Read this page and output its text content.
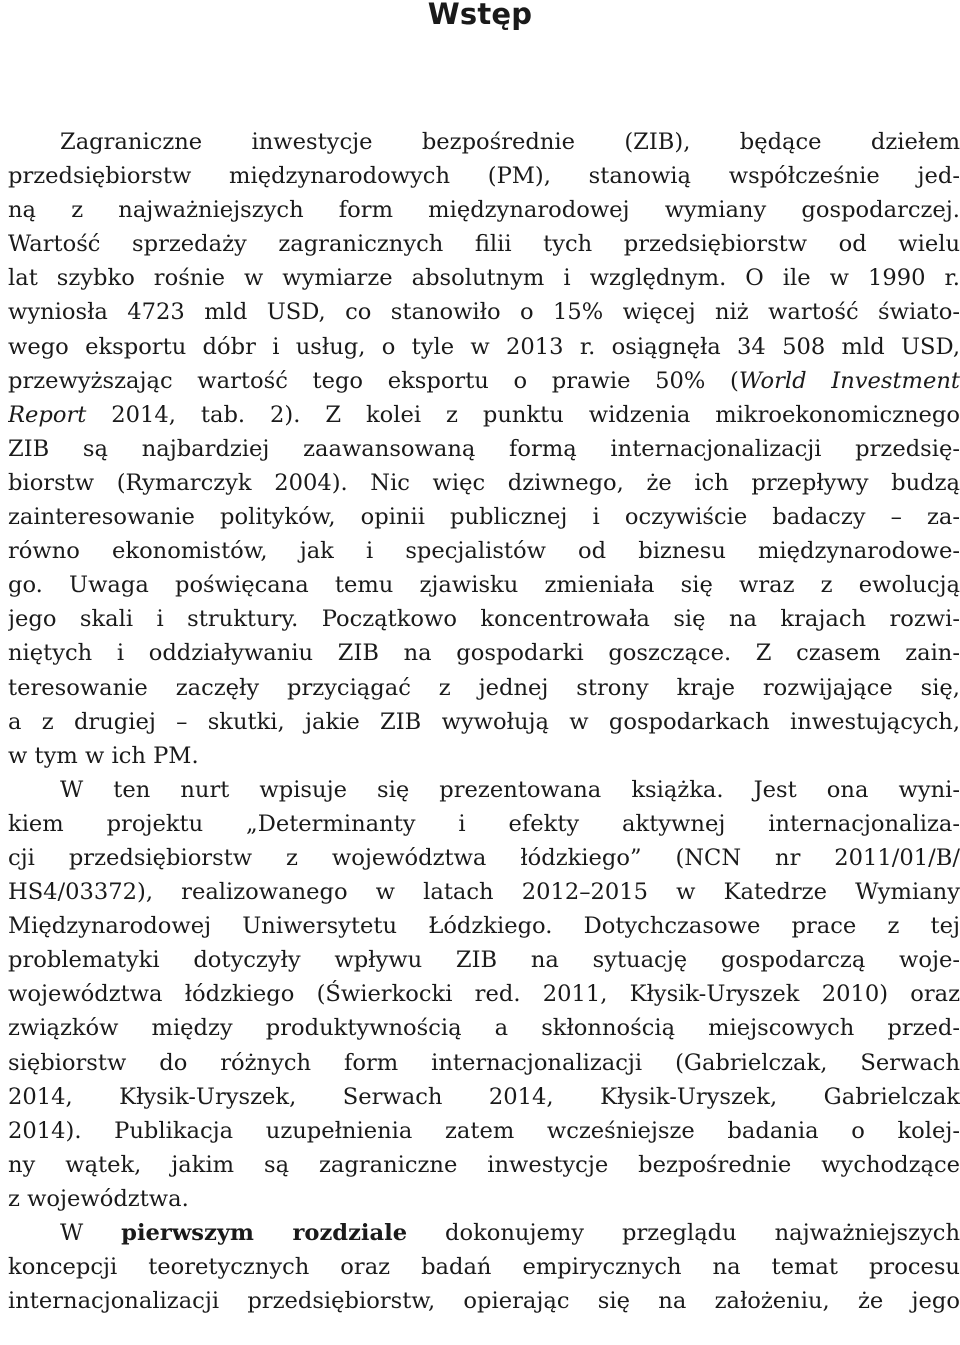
Wstęp
Zagraniczne inwestycje bezpośrednie (ZIB), będące dziełem
przedsiębiorstw międzynarodowych (PM), stanowią współcześnie jed-
ną z najważniejszych form międzynarodowej wymiany gospodarczej.
Wartość sprzedaży zagranicznych filii tych przedsiębiorstw od wielu
lat szybko rośnie w wymiarze absolutnym i względnym. O ile w 1990 r.
wyniosła 4723 mld USD, co stanowiło o 15% więcej niż wartość świato-
wego eksportu dóbr i usług, o tyle w 2013 r. osiągnęła 34 508 mld USD,
przewyższając wartość tego eksportu o prawie 50% (World Investment
Report 2014, tab. 2). Z kolei z punktu widzenia mikroekonomicznego
ZIB są najbardziej zaawansowaną formą internacjonalizacji przedsię-
biorstw (Rymarczyk 2004). Nic więc dziwnego, że ich przepływy budzą
zainteresowanie polityków, opinii publicznej i oczywiście badaczy – za-
równo ekonomistów, jak i specjalistów od biznesu międzynarodowe-
go. Uwaga poświęcana temu zjawisku zmieniała się wraz z ewolucją
jego skali i struktury. Początkowo koncentrowała się na krajach rozwi-
niętych i oddziaływaniu ZIB na gospodarki goszczące. Z czasem zain-
teresowanie zaczęły przyciągać z jednej strony kraje rozwijające się,
a z drugiej – skutki, jakie ZIB wywołują w gospodarkach inwestujących,
w tym w ich PM.
W ten nurt wpisuje się prezentowana książka. Jest ona wyni-
kiem projektu „Determinanty i efekty aktywnej internacjonaliza-
cji przedsiębiorstw z województwa łódzkiego” (NCN nr 2011/01/B/
HS4/03372), realizowanego w latach 2012–2015 w Katedrze Wymiany
Międzynarodowej Uniwersytetu Łódzkiego. Dotychczasowe prace z tej
problematyki dotyczyły wpływu ZIB na sytuację gospodarczą woje-
województwa łódzkiego (Świerkocki red. 2011, Kłysik-Uryszek 2010) oraz
związków między produktywnością a skłonnością miejscowych przed-
siębiorstw do różnych form internacjonalizacji (Gabrielczak, Serwach
2014, Kłysik-Uryszek, Serwach 2014, Kłysik-Uryszek, Gabrielczak
2014). Publikacja uzupełnienia zatem wcześniejsze badania o kolej-
ny wątek, jakim są zagraniczne inwestycje bezpośrednie wychodzące
z województwa.
W pierwszym rozdziale dokonujemy przeglądu najważniejszych
koncepcji teoretycznych oraz badań empirycznych na temat procesu
internacjonalizacji przedsiębiorstw, opierając się na założeniu, że jego
